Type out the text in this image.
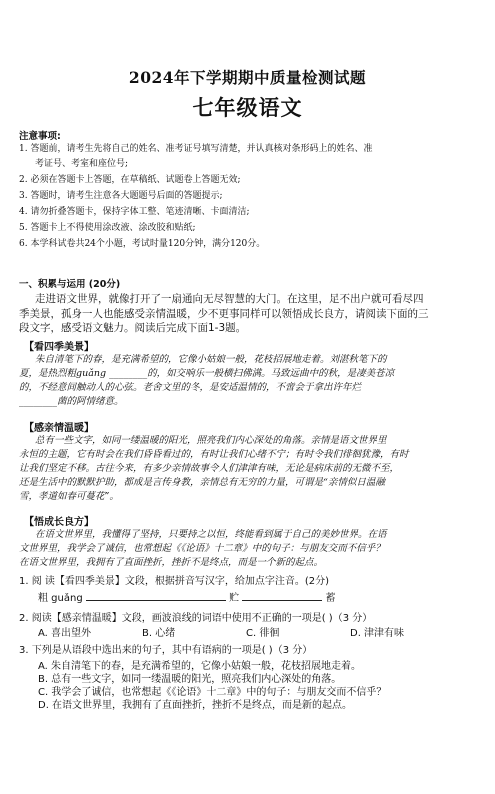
2024年下学期期中质量检测试题
七年级语文
注意事项:
1. 答题前，请考生先将自己的姓名、准考证号填写清楚，并认真核对条形码上的姓名、准
考证号、考室和座位号;
2. 必须在答题卡上答题，在草稿纸、试题卷上答题无效;
3. 答题时，请考生注意各大题题号后面的答题提示;
4. 请勿折叠答题卡，保持字体工整、笔迹清晰、卡面清洁;
5. 答题卡上不得使用涂改液、涂改胶和贴纸;
6. 本学科试卷共24个小题，考试时量120分钟，满分120分。
一、积累与运用 (20分)
走进语文世界，就像打开了一扇通向无尽智慧的大门。在这里，足不出户就可看尽四
季美景，孤身一人也能感受亲情温暖，少不更事同样可以领悟成长良方，请阅读下面的三
段文字，感受语文魅力。阅读后完成下面1-3题。
【看四季美景】
朱自清笔下的春，是充满希望的，它像小姑娘一般，花枝招展地走着。刘湛秋笔下的
夏，是热烈粗guǎng ________的，如交响乐一般横扫佛满。马致远曲中的秋，是凄美苍凉
的，不经意间触动人的心弦。老舍文里的冬，是安适温情的，不啻会于拿出许年烂
________菌的阿情绪意。
【感亲情温暖】
总有一些文字，如同一缕温暖的阳光，照亮我们内心深处的角落。亲情是语文世界里
永恒的主题，它有时会在我们昏昏看过的，有时让我们心绪不宁；有时令我们徘徊犹豫，有时
让我们坚定不移。古往今来，有多少亲情故事令人们津津有味，无论是病床前的无微不至，
还是生活中的默默护助，都成是言传身教，亲情总有无穷的力量，可谓是“亲情似日温融
雪，孝道如春可蔓花”。
【悟成长良方】
在语文世界里，我懂得了坚持，只要持之以恒，终能看到属于自己的美妙世界。在语
文世界里，我学会了诚信，也常想起《《论语》十二章》中的句子：与朋友交而不信乎？
在语文世界里，我拥有了直面挫折，挫折不是终点，而是一个新的起点。
1. 阅 读【看四季美景】文段，根据拼音写汉字，给加点字注音。(2分)
粗 guǎng	贮	蓄
2. 阅读【感亲情温暖】文段，画波浪线的词语中使用不正确的一项是( )（3 分）
A. 喜出望外	B. 心绪	C. 徘徊	D. 津津有味
3. 下列是从语段中选出来的句子，其中有语病的一项是( )（3 分）
A. 朱自清笔下的春，是充满希望的，它像小姑娘一般，花枝招展地走着。
B. 总有一些文字，如同一缕温暖的阳光，照亮我们内心深处的角落。
C. 我学会了诚信，也常想起《《论语》十二章》中的句子：与朋友交而不信乎？
D. 在语文世界里，我拥有了直面挫折，挫折不是终点，而是新的起点。
